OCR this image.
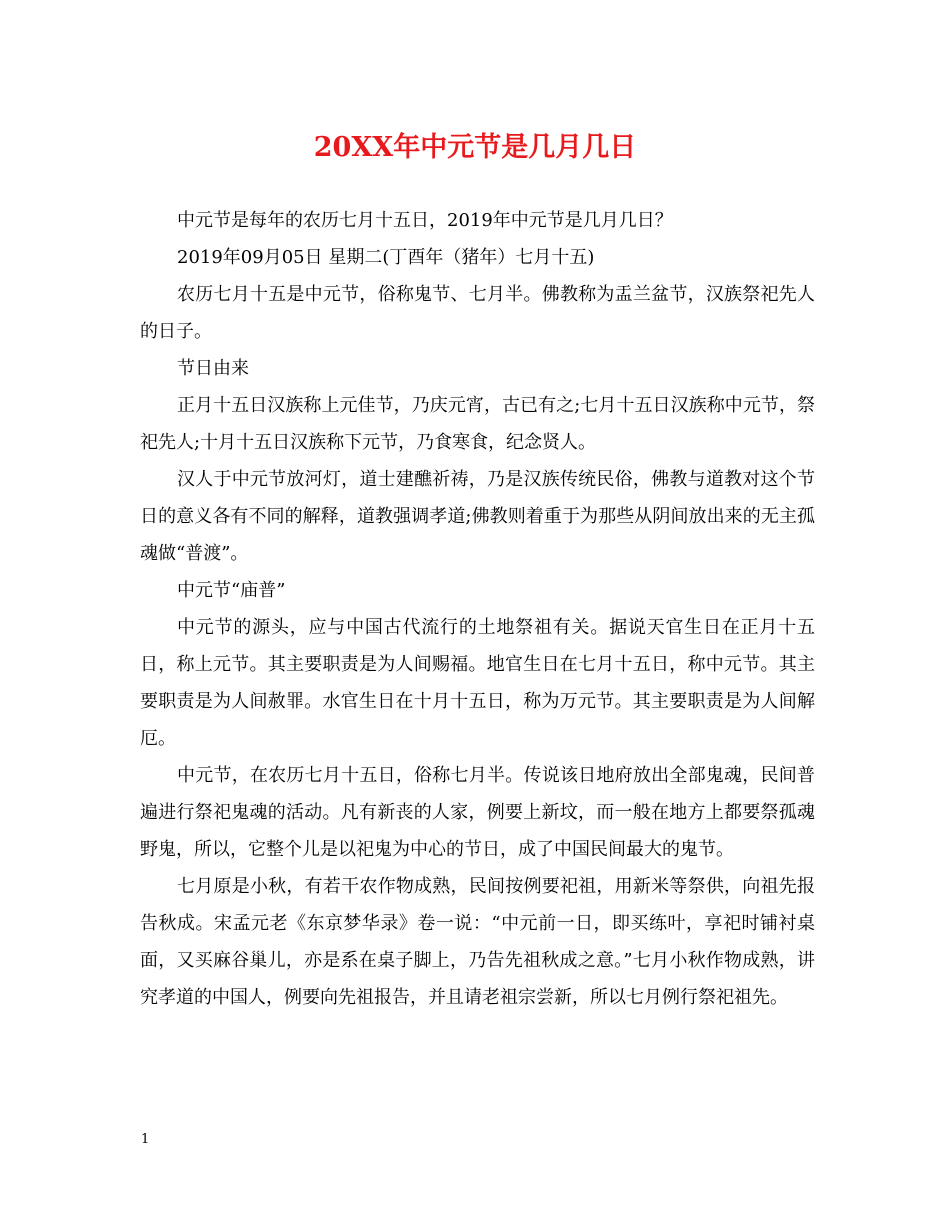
20XX年中元节是几月几日

中元节是每年的农历七月十五日，2019年中元节是几月几日？

2019年09月05日 星期二(丁酉年（猪年）七月十五)

农历七月十五是中元节，俗称鬼节、七月半。佛教称为盂兰盆节，汉族祭祀先人的日子。

节日由来

正月十五日汉族称上元佳节，乃庆元宵，古已有之;七月十五日汉族称中元节，祭祀先人;十月十五日汉族称下元节，乃食寒食，纪念贤人。

汉人于中元节放河灯，道士建醮祈祷，乃是汉族传统民俗，佛教与道教对这个节日的意义各有不同的解释，道教强调孝道;佛教则着重于为那些从阴间放出来的无主孤魂做“普渡”。

中元节“庙普”

中元节的源头，应与中国古代流行的土地祭祖有关。据说天官生日在正月十五日，称上元节。其主要职责是为人间赐福。地官生日在七月十五日，称中元节。其主要职责是为人间赦罪。水官生日在十月十五日，称为万元节。其主要职责是为人间解厄。

中元节，在农历七月十五日，俗称七月半。传说该日地府放出全部鬼魂，民间普遍进行祭祀鬼魂的活动。凡有新丧的人家，例要上新坟，而一般在地方上都要祭孤魂野鬼，所以，它整个儿是以祀鬼为中心的节日，成了中国民间最大的鬼节。

七月原是小秋，有若干农作物成熟，民间按例要祀祖，用新米等祭供，向祖先报告秋成。宋孟元老《东京梦华录》卷一说：“中元前一日，即买练叶，享祀时铺衬桌面，又买麻谷巢儿，亦是系在桌子脚上，乃告先祖秋成之意。”七月小秋作物成熟，讲究孝道的中国人，例要向先祖报告，并且请老祖宗尝新，所以七月例行祭祀祖先。

1
